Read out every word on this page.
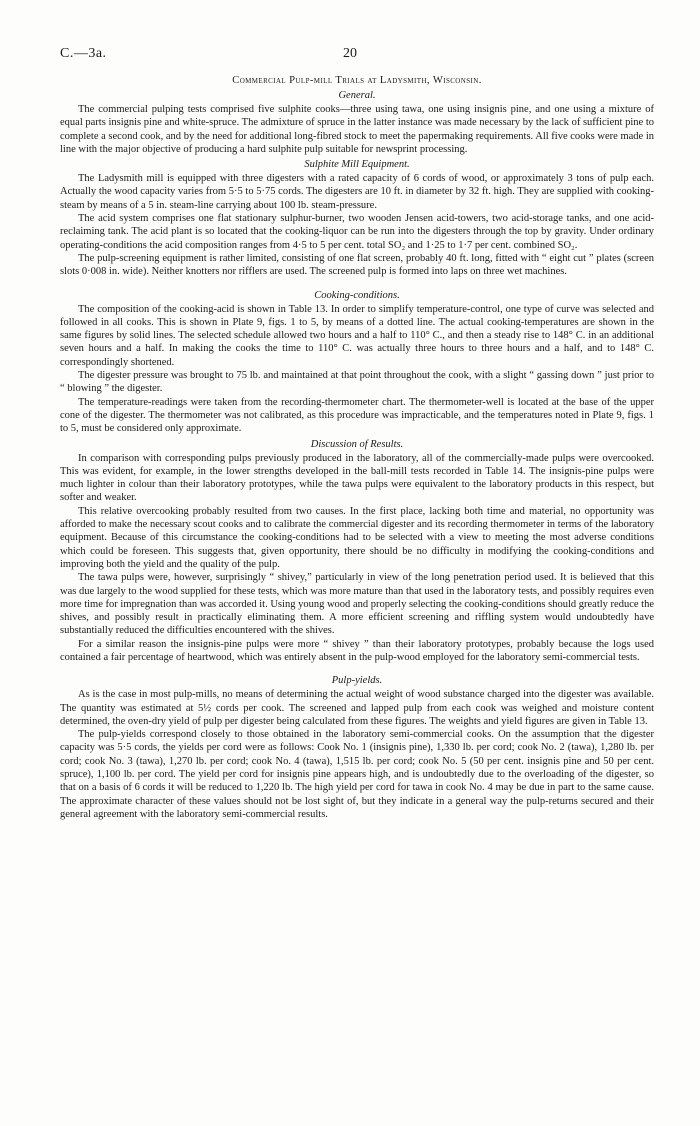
C.—3a.	20
Commercial Pulp-mill Trials at Ladysmith, Wisconsin.
General.

The commercial pulping tests comprised five sulphite cooks—three using tawa, one using insignis pine, and one using a mixture of equal parts insignis pine and white-spruce. The admixture of spruce in the latter instance was made necessary by the lack of sufficient pine to complete a second cook, and by the need for additional long-fibred stock to meet the papermaking requirements. All five cooks were made in line with the major objective of producing a hard sulphite pulp suitable for newsprint processing.

Sulphite Mill Equipment.

The Ladysmith mill is equipped with three digesters with a rated capacity of 6 cords of wood, or approximately 3 tons of pulp each. Actually the wood capacity varies from 5·5 to 5·75 cords. The digesters are 10 ft. in diameter by 32 ft. high. They are supplied with cooking-steam by means of a 5 in. steam-line carrying about 100 lb. steam-pressure.

The acid system comprises one flat stationary sulphur-burner, two wooden Jensen acid-towers, two acid-storage tanks, and one acid-reclaiming tank. The acid plant is so located that the cooking-liquor can be run into the digesters through the top by gravity. Under ordinary operating-conditions the acid composition ranges from 4·5 to 5 per cent. total SO₂ and 1·25 to 1·7 per cent. combined SO₂.

The pulp-screening equipment is rather limited, consisting of one flat screen, probably 40 ft. long, fitted with “ eight cut ” plates (screen slots 0·008 in. wide). Neither knotters nor rifflers are used. The screened pulp is formed into laps on three wet machines.

Cooking-conditions.

The composition of the cooking-acid is shown in Table 13. In order to simplify temperature-control, one type of curve was selected and followed in all cooks. This is shown in Plate 9, figs. 1 to 5, by means of a dotted line. The actual cooking-temperatures are shown in the same figures by solid lines. The selected schedule allowed two hours and a half to 110° C., and then a steady rise to 148° C. in an additional seven hours and a half. In making the cooks the time to 110° C. was actually three hours to three hours and a half, and to 148° C. correspondingly shortened.

The digester pressure was brought to 75 lb. and maintained at that point throughout the cook, with a slight “ gassing down ” just prior to “ blowing ” the digester.

The temperature-readings were taken from the recording-thermometer chart. The thermometer-well is located at the base of the upper cone of the digester. The thermometer was not calibrated, as this procedure was impracticable, and the temperatures noted in Plate 9, figs. 1 to 5, must be considered only approximate.

Discussion of Results.

In comparison with corresponding pulps previously produced in the laboratory, all of the commercially-made pulps were overcooked. This was evident, for example, in the lower strengths developed in the ball-mill tests recorded in Table 14. The insignis-pine pulps were much lighter in colour than their laboratory prototypes, while the tawa pulps were equivalent to the laboratory products in this respect, but softer and weaker.

This relative overcooking probably resulted from two causes. In the first place, lacking both time and material, no opportunity was afforded to make the necessary scout cooks and to calibrate the commercial digester and its recording thermometer in terms of the laboratory equipment. Because of this circumstance the cooking-conditions had to be selected with a view to meeting the most adverse conditions which could be foreseen. This suggests that, given opportunity, there should be no difficulty in modifying the cooking-conditions and improving both the yield and the quality of the pulp.

The tawa pulps were, however, surprisingly “ shivey,” particularly in view of the long penetration period used. It is believed that this was due largely to the wood supplied for these tests, which was more mature than that used in the laboratory tests, and possibly requires even more time for impregnation than was accorded it. Using young wood and properly selecting the cooking-conditions should greatly reduce the shives, and possibly result in practically eliminating them. A more efficient screening and riffling system would undoubtedly have substantially reduced the difficulties encountered with the shives.

For a similar reason the insignis-pine pulps were more “ shivey ” than their laboratory prototypes, probably because the logs used contained a fair percentage of heartwood, which was entirely absent in the pulp-wood employed for the laboratory semi-commercial tests.

Pulp-yields.

As is the case in most pulp-mills, no means of determining the actual weight of wood substance charged into the digester was available. The quantity was estimated at 5½ cords per cook. The screened and lapped pulp from each cook was weighed and moisture content determined, the oven-dry yield of pulp per digester being calculated from these figures. The weights and yield figures are given in Table 13.

The pulp-yields correspond closely to those obtained in the laboratory semi-commercial cooks. On the assumption that the digester capacity was 5·5 cords, the yields per cord were as follows: Cook No. 1 (insignis pine), 1,330 lb. per cord; cook No. 2 (tawa), 1,280 lb. per cord; cook No. 3 (tawa), 1,270 lb. per cord; cook No. 4 (tawa), 1,515 lb. per cord; cook No. 5 (50 per cent. insignis pine and 50 per cent. spruce), 1,100 lb. per cord. The yield per cord for insignis pine appears high, and is undoubtedly due to the overloading of the digester, so that on a basis of 6 cords it will be reduced to 1,220 lb. The high yield per cord for tawa in cook No. 4 may be due in part to the same cause. The approximate character of these values should not be lost sight of, but they indicate in a general way the pulp-returns secured and their general agreement with the laboratory semi-commercial results.
